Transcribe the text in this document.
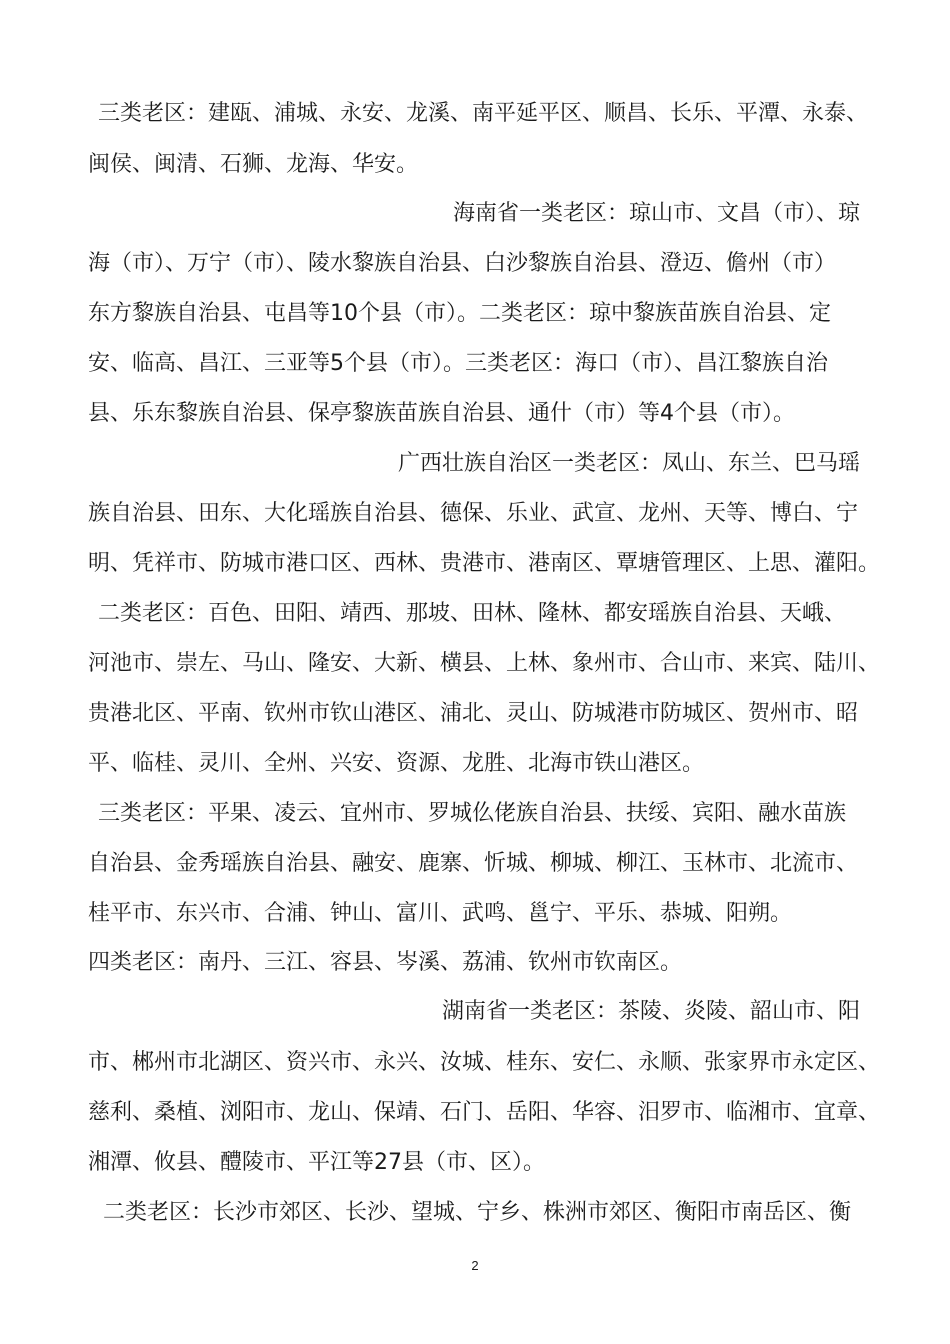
三类老区：建瓯、浦城、永安、龙溪、南平延平区、顺昌、长乐、平潭、永泰、
闽侯、闽清、石狮、龙海、华安。
海南省一类老区：琼山市、文昌（市）、琼
海（市）、万宁（市）、陵水黎族自治县、白沙黎族自治县、澄迈、儋州（市）
东方黎族自治县、屯昌等10个县（市）。二类老区：琼中黎族苗族自治县、定
安、临高、昌江、三亚等5个县（市）。三类老区：海口（市）、昌江黎族自治
县、乐东黎族自治县、保亭黎族苗族自治县、通什（市）等4个县（市）。
广西壮族自治区一类老区：凤山、东兰、巴马瑶
族自治县、田东、大化瑶族自治县、德保、乐业、武宣、龙州、天等、博白、宁
明、凭祥市、防城市港口区、西林、贵港市、港南区、覃塘管理区、上思、灌阳。
二类老区：百色、田阳、靖西、那坡、田林、隆林、都安瑶族自治县、天峨、
河池市、崇左、马山、隆安、大新、横县、上林、象州市、合山市、来宾、陆川、
贵港北区、平南、钦州市钦山港区、浦北、灵山、防城港市防城区、贺州市、昭
平、临桂、灵川、全州、兴安、资源、龙胜、北海市铁山港区。
三类老区：平果、凌云、宜州市、罗城仫佬族自治县、扶绥、宾阳、融水苗族
自治县、金秀瑶族自治县、融安、鹿寨、忻城、柳城、柳江、玉林市、北流市、
桂平市、东兴市、合浦、钟山、富川、武鸣、邕宁、平乐、恭城、阳朔。
四类老区：南丹、三江、容县、岑溪、荔浦、钦州市钦南区。
湖南省一类老区：茶陵、炎陵、韶山市、阳
市、郴州市北湖区、资兴市、永兴、汝城、桂东、安仁、永顺、张家界市永定区、
慈利、桑植、浏阳市、龙山、保靖、石门、岳阳、华容、汨罗市、临湘市、宜章、
湘潭、攸县、醴陵市、平江等27县（市、区）。
二类老区：长沙市郊区、长沙、望城、宁乡、株洲市郊区、衡阳市南岳区、衡
2
